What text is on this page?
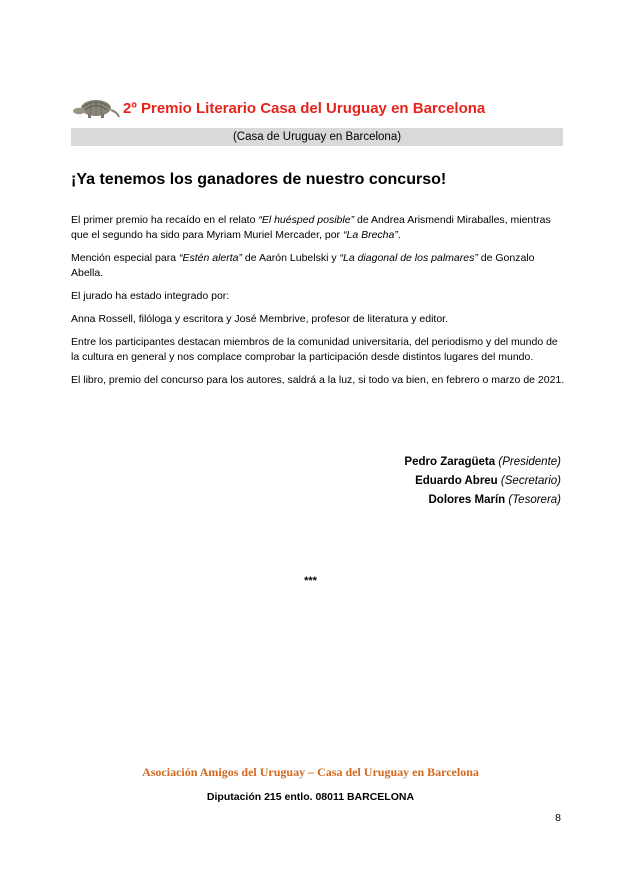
2º Premio Literario Casa del Uruguay en Barcelona
(Casa de Uruguay en Barcelona)
¡Ya tenemos los ganadores de nuestro concurso!

El primer premio ha recaído en el relato “El huésped posible” de Andrea Arismendi Miraballes, mientras que el segundo ha sido para Myriam Muriel Mercader, por “La Brecha”.

Mención especial para “Estén alerta” de Aarón Lubelski y “La diagonal de los palmares” de Gonzalo Abella.

El jurado ha estado integrado por:

Anna Rossell, filóloga y escritora y José Membrive, profesor de literatura y editor.

Entre los participantes destacan miembros de la comunidad universitaria, del periodismo y del mundo de la cultura en general y nos complace comprobar la participación desde distintos lugares del mundo.

El libro, premio del concurso para los autores, saldrá a la luz, si todo va bien, en febrero o marzo de 2021.

Pedro Zaragüeta (Presidente)
Eduardo Abreu (Secretario)
Dolores Marín (Tesorera)
***
Asociación Amigos del Uruguay – Casa del Uruguay en Barcelona
Diputación 215 entlo. 08011 BARCELONA
8
